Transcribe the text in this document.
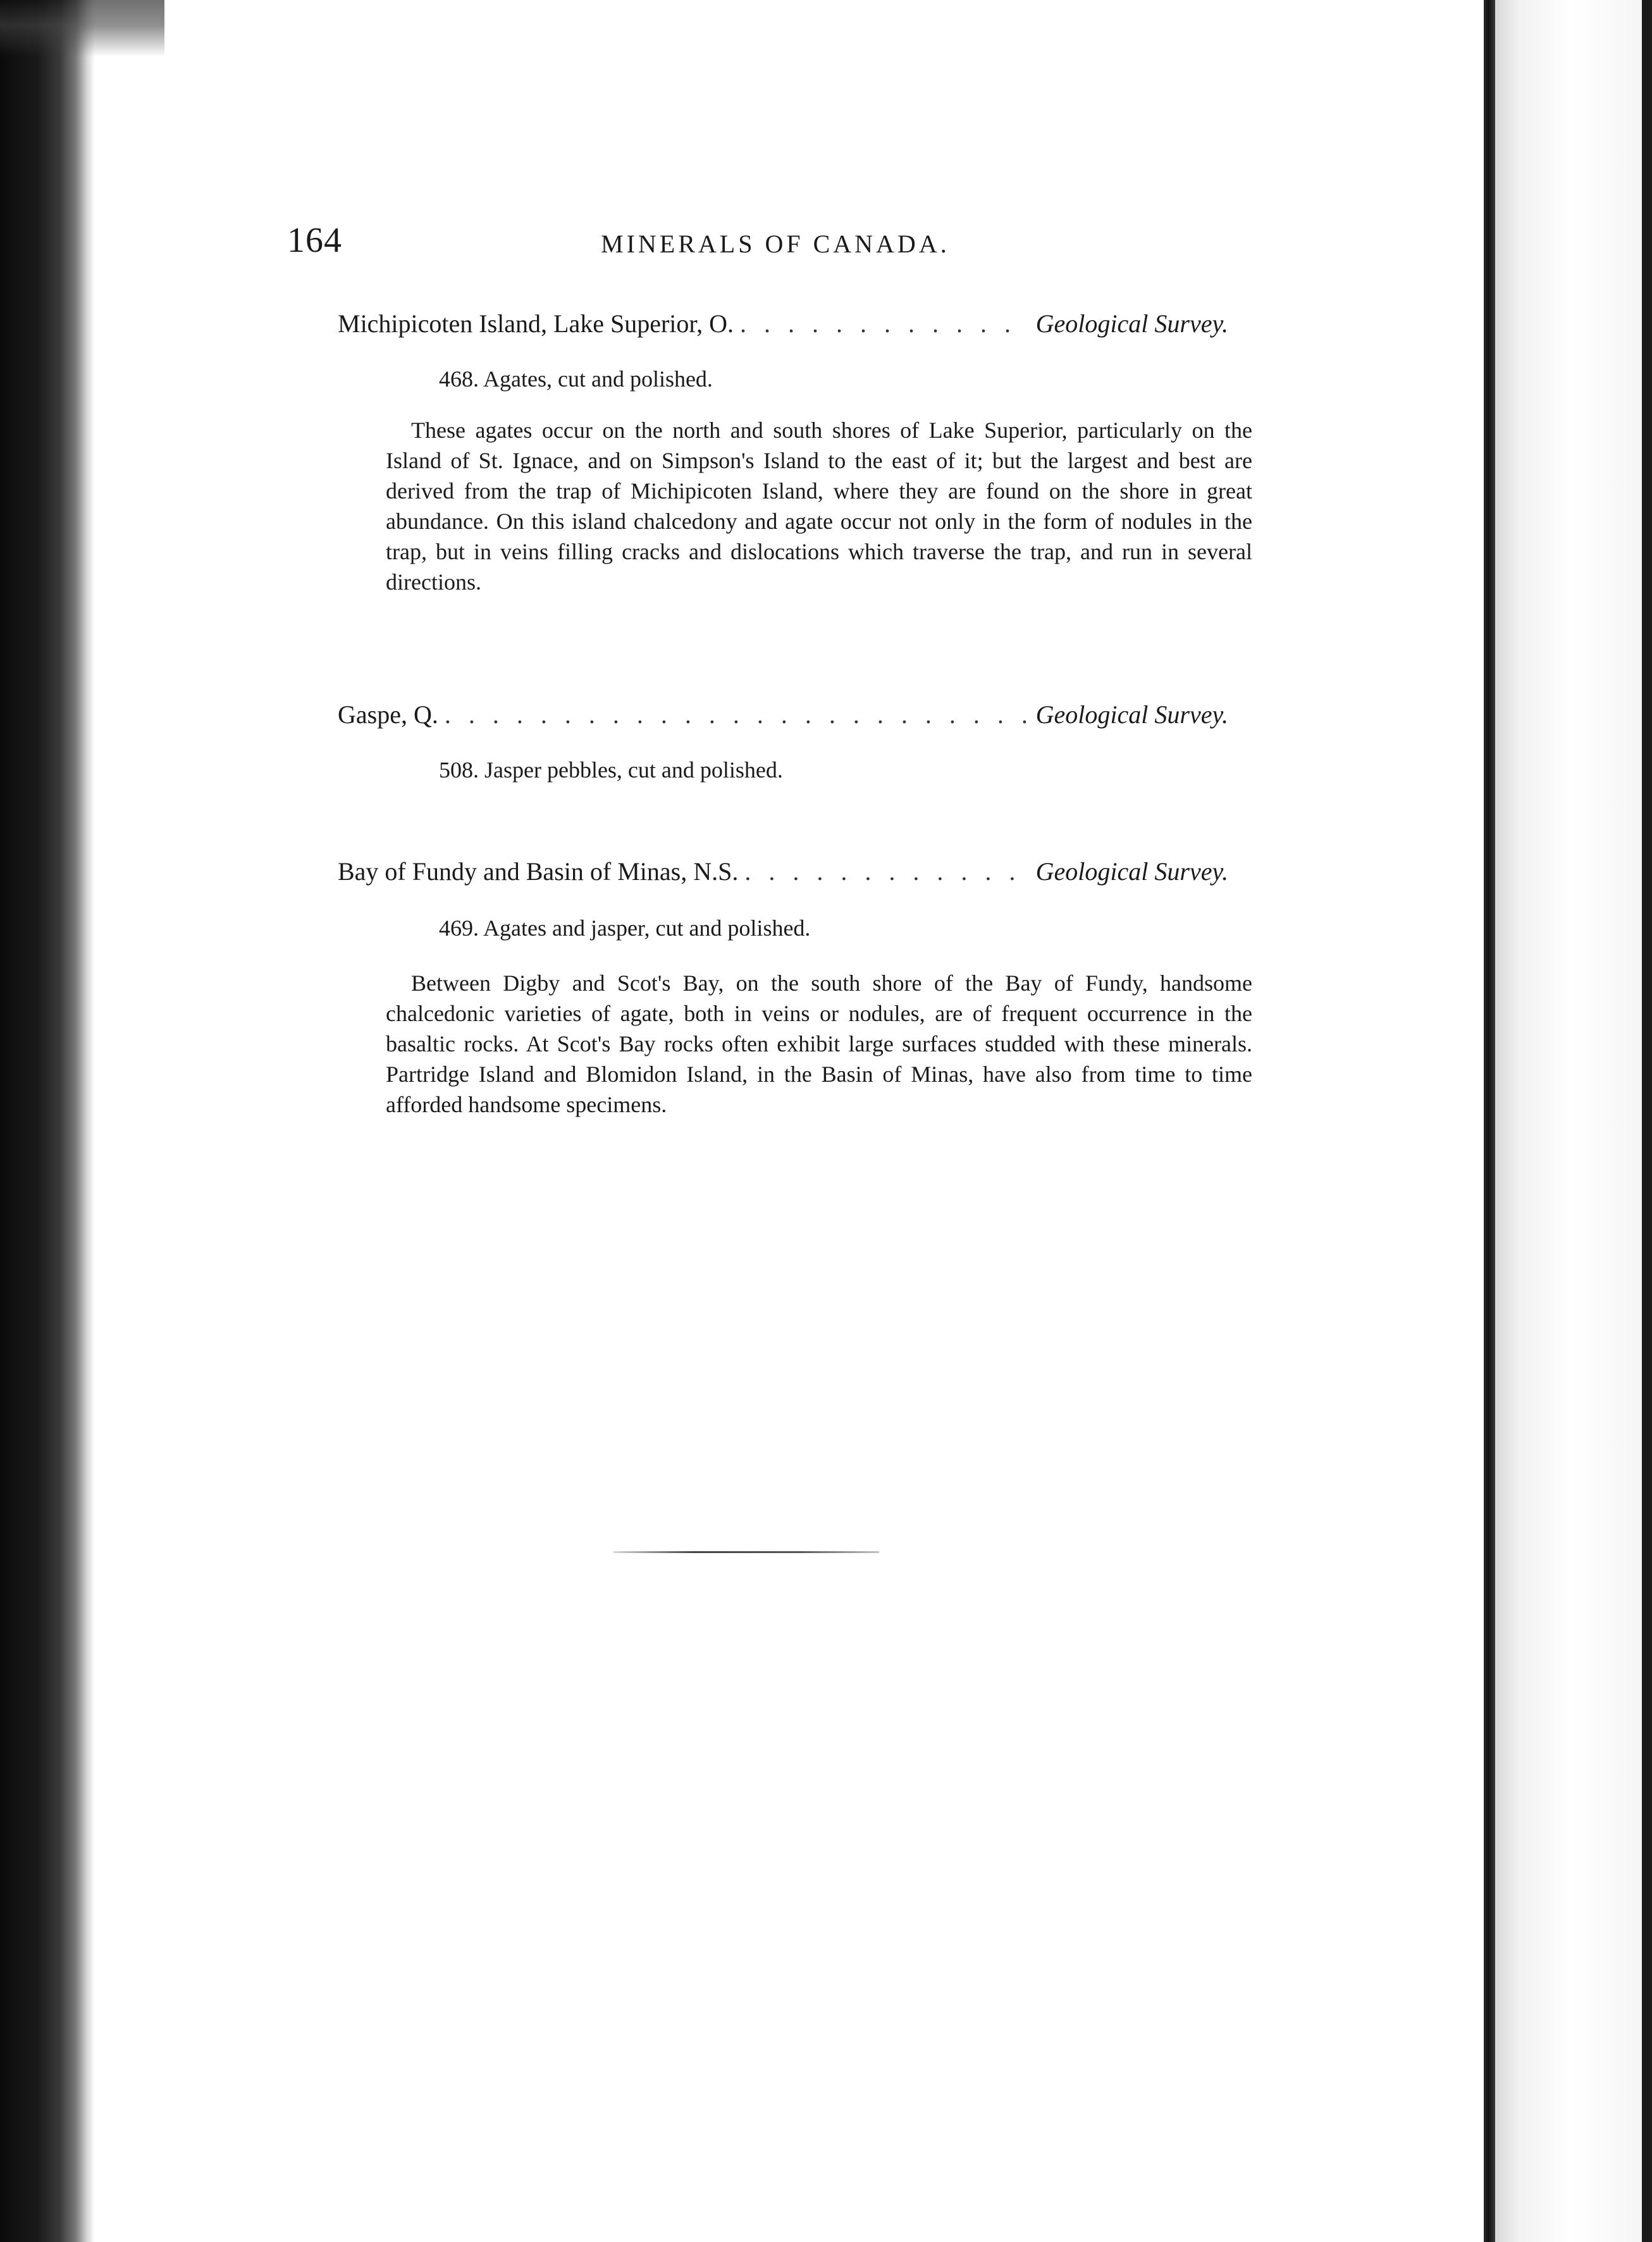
164	MINERALS OF CANADA.
Michipicoten Island, Lake Superior, O. . . .	Geological Survey.
468. Agates, cut and polished.

These agates occur on the north and south shores of Lake Superior, particularly on the Island of St. Ignace, and on Simpson's Island to the east of it; but the largest and best are derived from the trap of Michipicoten Island, where they are found on the shore in great abundance. On this island chalcedony and agate occur not only in the form of nodules in the trap, but in veins filling cracks and dislocations which traverse the trap, and run in several directions.

Gaspe, Q. . . .	Geological Survey.
508. Jasper pebbles, cut and polished.
Bay of Fundy and Basin of Minas, N.S. . . .	Geological Survey.
469. Agates and jasper, cut and polished.

Between Digby and Scot's Bay, on the south shore of the Bay of Fundy, handsome chalcedonic varieties of agate, both in veins or nodules, are of frequent occurrence in the basaltic rocks. At Scot's Bay rocks often exhibit large surfaces studded with these minerals. Partridge Island and Blomidon Island, in the Basin of Minas, have also from time to time afforded handsome specimens.
